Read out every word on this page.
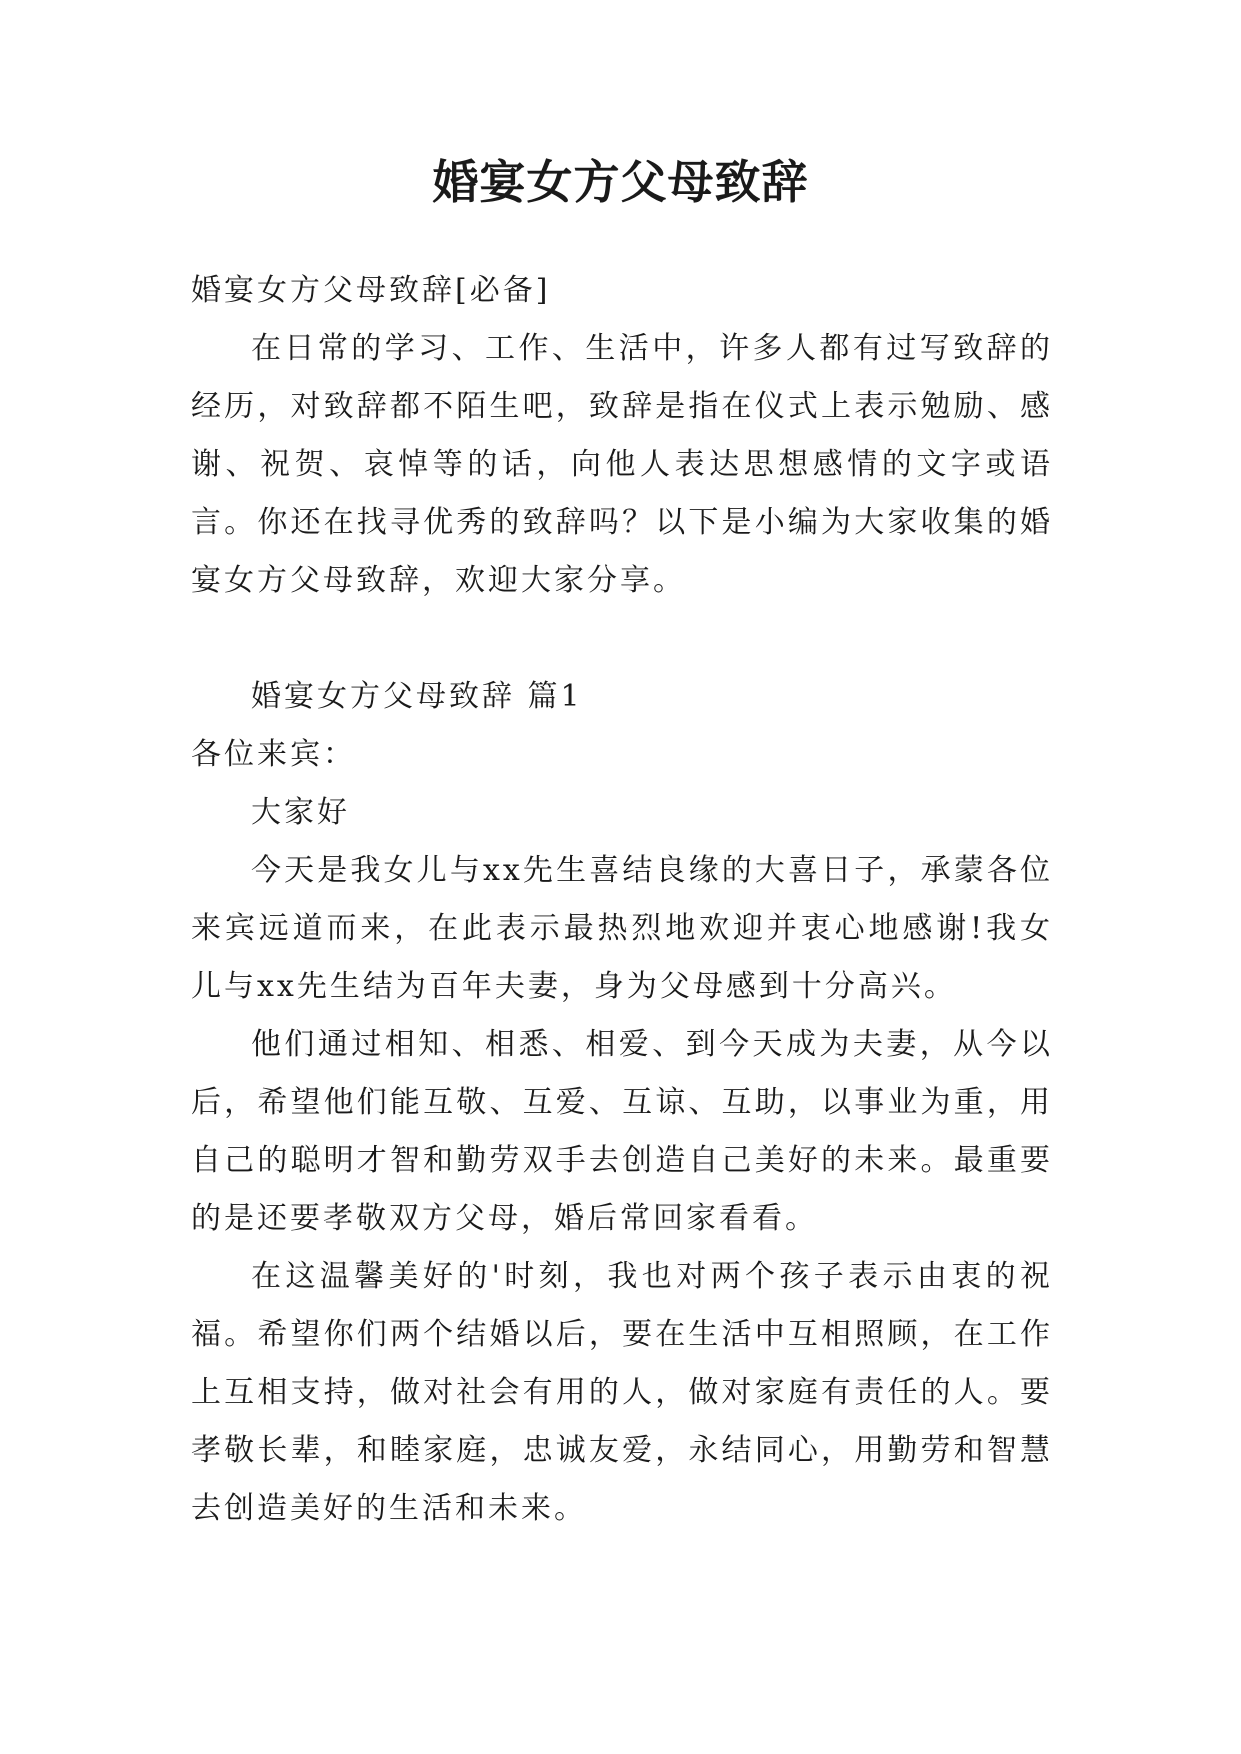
婚宴女方父母致辞

婚宴女方父母致辞[必备]

在日常的学习、工作、生活中，许多人都有过写致辞的经历，对致辞都不陌生吧，致辞是指在仪式上表示勉励、感谢、祝贺、哀悼等的话，向他人表达思想感情的文字或语言。你还在找寻优秀的致辞吗？以下是小编为大家收集的婚宴女方父母致辞，欢迎大家分享。

婚宴女方父母致辞 篇1

各位来宾：

大家好

今天是我女儿与xx先生喜结良缘的大喜日子，承蒙各位来宾远道而来，在此表示最热烈地欢迎并衷心地感谢!我女儿与xx先生结为百年夫妻，身为父母感到十分高兴。

他们通过相知、相悉、相爱、到今天成为夫妻，从今以后，希望他们能互敬、互爱、互谅、互助，以事业为重，用自己的聪明才智和勤劳双手去创造自己美好的未来。最重要的是还要孝敬双方父母，婚后常回家看看。

在这温馨美好的'时刻，我也对两个孩子表示由衷的祝福。希望你们两个结婚以后，要在生活中互相照顾，在工作上互相支持，做对社会有用的人，做对家庭有责任的人。要孝敬长辈，和睦家庭，忠诚友爱，永结同心，用勤劳和智慧去创造美好的生活和未来。
